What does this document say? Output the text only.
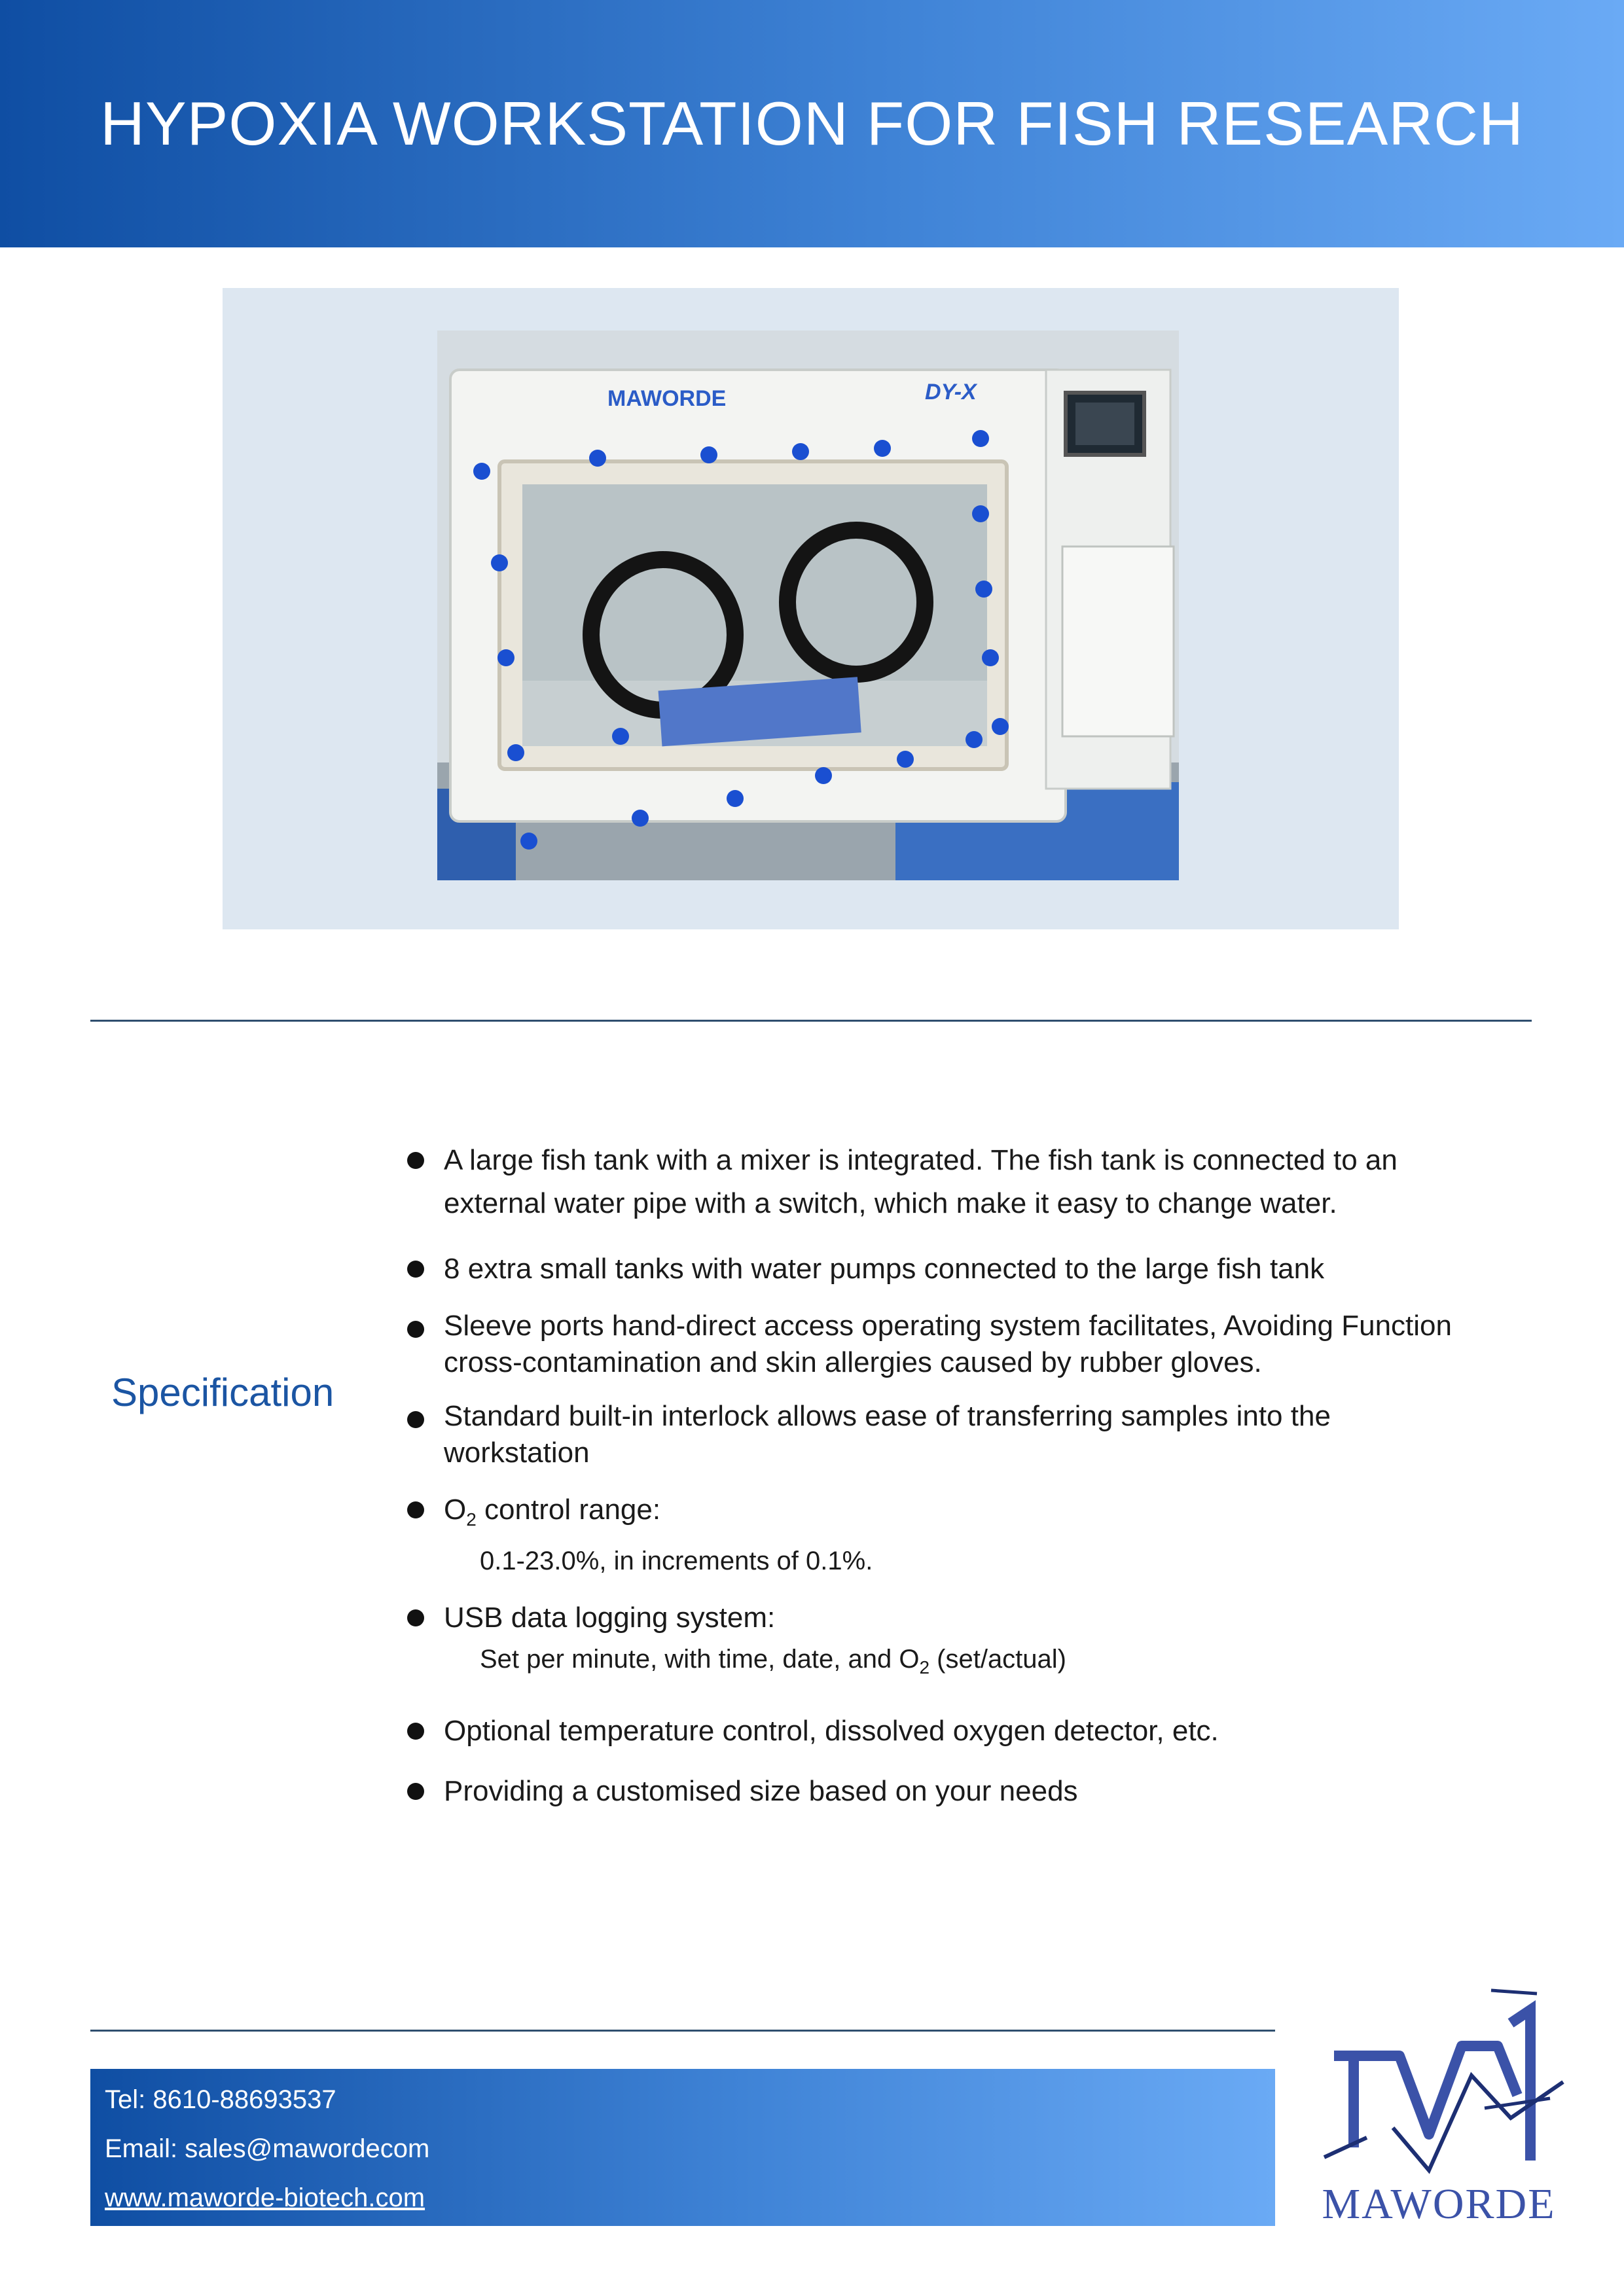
HYPOXIA WORKSTATION FOR FISH RESEARCH
MAWORDE	DY-X
Specification
A large fish tank with a mixer is integrated. The fish tank is connected to an external water pipe with a switch, which make it easy to change water.
8 extra small tanks with water pumps connected to the large fish tank
Sleeve ports hand-direct access operating system facilitates, Avoiding Function cross-contamination and skin allergies caused by rubber gloves.
Standard built-in interlock allows ease of transferring samples into the workstation
$O_2$ control range:
0.1-23.0%, in increments of 0.1%.
USB data logging system:
Set per minute, with time, date, and $O_2$ (set/actual)
Optional temperature control, dissolved oxygen detector, etc.
Providing a customised size based on your needs
Tel: 8610-88693537
Email: sales@mawordecom
www.maworde-biotech.com	MAWORDE
